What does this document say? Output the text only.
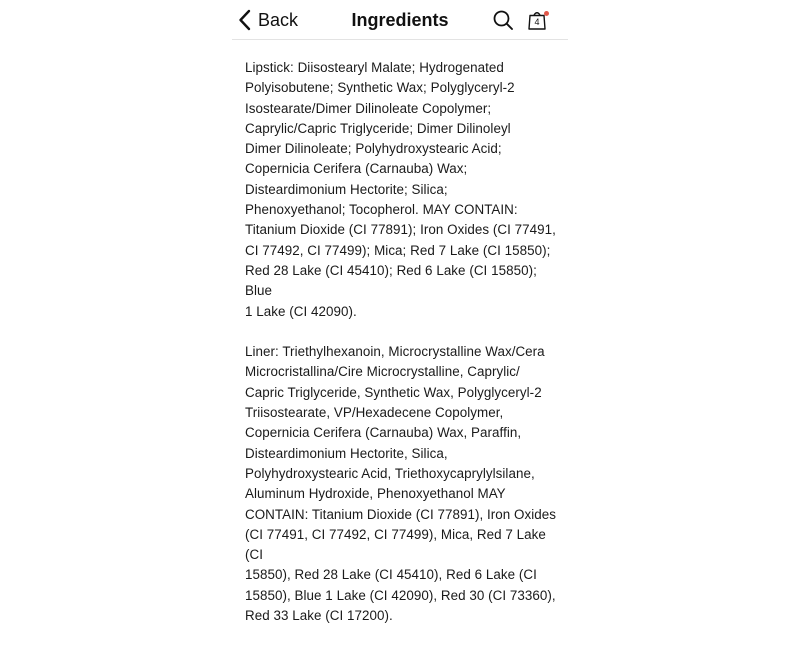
Back	Ingredients	4

Lipstick: Diisostearyl Malate; Hydrogenated
Polyisobutene; Synthetic Wax; Polyglyceryl-2
Isostearate/Dimer Dilinoleate Copolymer;
Caprylic/Capric Triglyceride; Dimer Dilinoleyl
Dimer Dilinoleate; Polyhydroxystearic Acid;
Copernicia Cerifera (Carnauba) Wax;
Disteardimonium Hectorite; Silica;
Phenoxyethanol; Tocopherol. MAY CONTAIN:
Titanium Dioxide (CI 77891); Iron Oxides (CI 77491,
CI 77492, CI 77499); Mica; Red 7 Lake (CI 15850);
Red 28 Lake (CI 45410); Red 6 Lake (CI 15850); Blue
1 Lake (CI 42090).

Liner: Triethylhexanoin, Microcrystalline Wax/Cera
Microcristallina/Cire Microcrystalline, Caprylic/
Capric Triglyceride, Synthetic Wax, Polyglyceryl-2
Triisostearate, VP/Hexadecene Copolymer,
Copernicia Cerifera (Carnauba) Wax, Paraffin,
Disteardimonium Hectorite, Silica,
Polyhydroxystearic Acid, Triethoxycaprylylsilane,
Aluminum Hydroxide, Phenoxyethanol MAY
CONTAIN: Titanium Dioxide (CI 77891), Iron Oxides
(CI 77491, CI 77492, CI 77499), Mica, Red 7 Lake (CI
15850), Red 28 Lake (CI 45410), Red 6 Lake (CI
15850), Blue 1 Lake (CI 42090), Red 30 (CI 73360),
Red 33 Lake (CI 17200).
